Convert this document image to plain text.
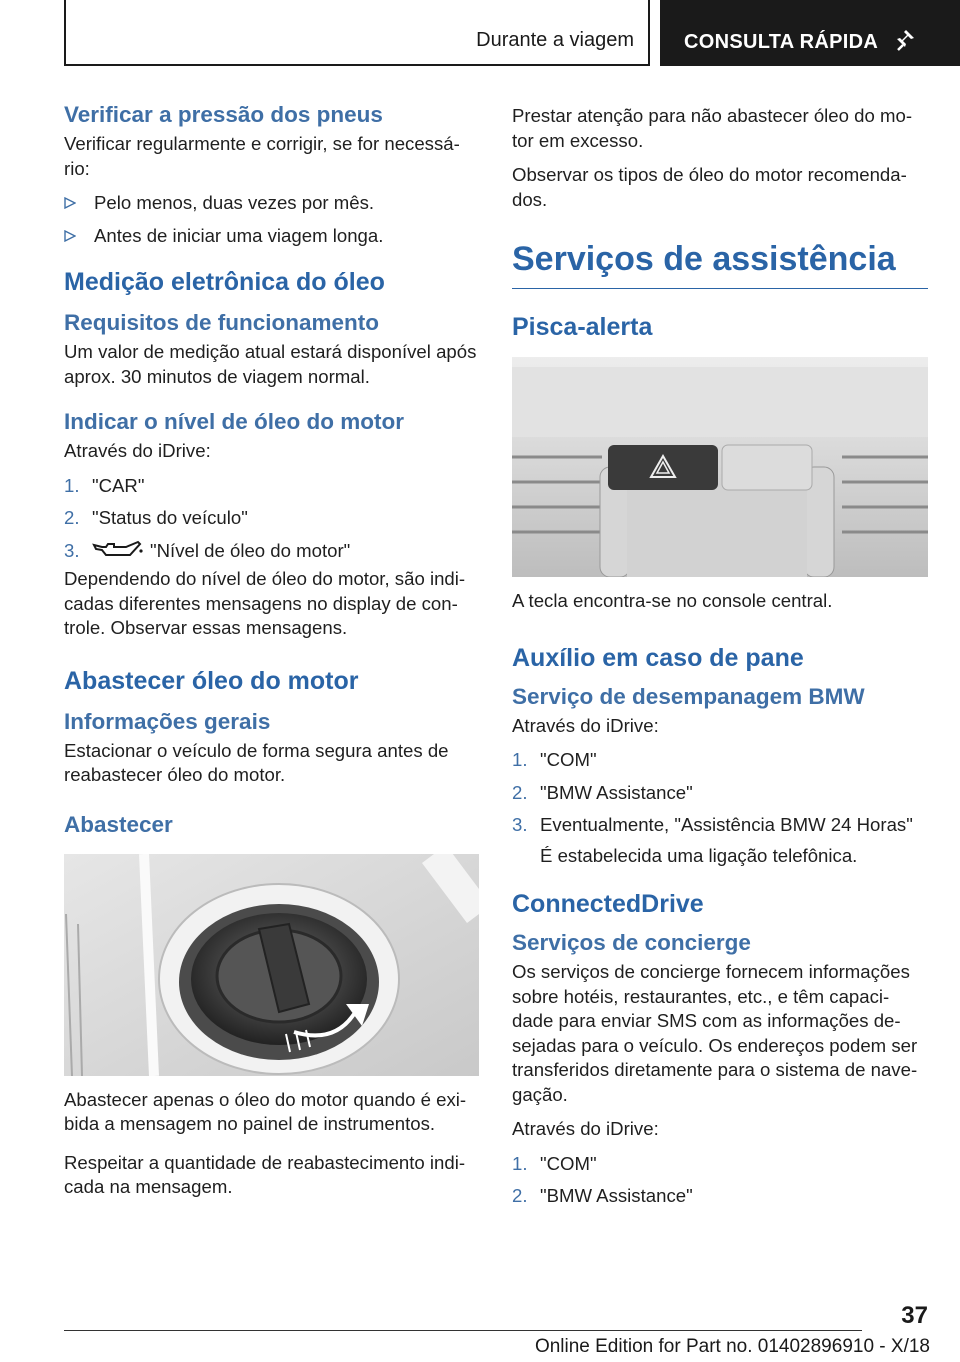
Durante a viagem	CONSULTA RÁPIDA
Verificar a pressão dos pneus

Verificar regularmente e corrigir, se for necessá-rio:

Pelo menos, duas vezes por mês.
Antes de iniciar uma viagem longa.
Medição eletrônica do óleo
Requisitos de funcionamento

Um valor de medição atual estará disponível após aprox. 30 minutos de viagem normal.

Indicar o nível de óleo do motor

Através do iDrive:

1. "CAR"
2. "Status do veículo"
3.	"Nível de óleo do motor"

Dependendo do nível de óleo do motor, são indi-cadas diferentes mensagens no display de con-trole. Observar essas mensagens.

Abastecer óleo do motor
Informações gerais

Estacionar o veículo de forma segura antes de reabastecer óleo do motor.

Abastecer

Abastecer apenas o óleo do motor quando é exi-bida a mensagem no painel de instrumentos.

Respeitar a quantidade de reabastecimento indi-cada na mensagem.

Prestar atenção para não abastecer óleo do mo-tor em excesso.

Observar os tipos de óleo do motor recomenda-dos.

Serviços de assistência
Pisca-alerta

A tecla encontra-se no console central.

Auxílio em caso de pane
Serviço de desempanagem BMW

Através do iDrive:

1. "COM"
2. "BMW Assistance"
3. Eventualmente, "Assistência BMW 24 Horas"
É estabelecida uma ligação telefônica.
ConnectedDrive
Serviços de concierge

Os serviços de concierge fornecem informações sobre hotéis, restaurantes, etc., e têm capaci-dade para enviar SMS com as informações de-sejadas para o veículo. Os endereços podem ser transferidos diretamente para o sistema de nave-gação.

Através do iDrive:

1. "COM"
2. "BMW Assistance"
37
Online Edition for Part no. 01402896910 - X/18
